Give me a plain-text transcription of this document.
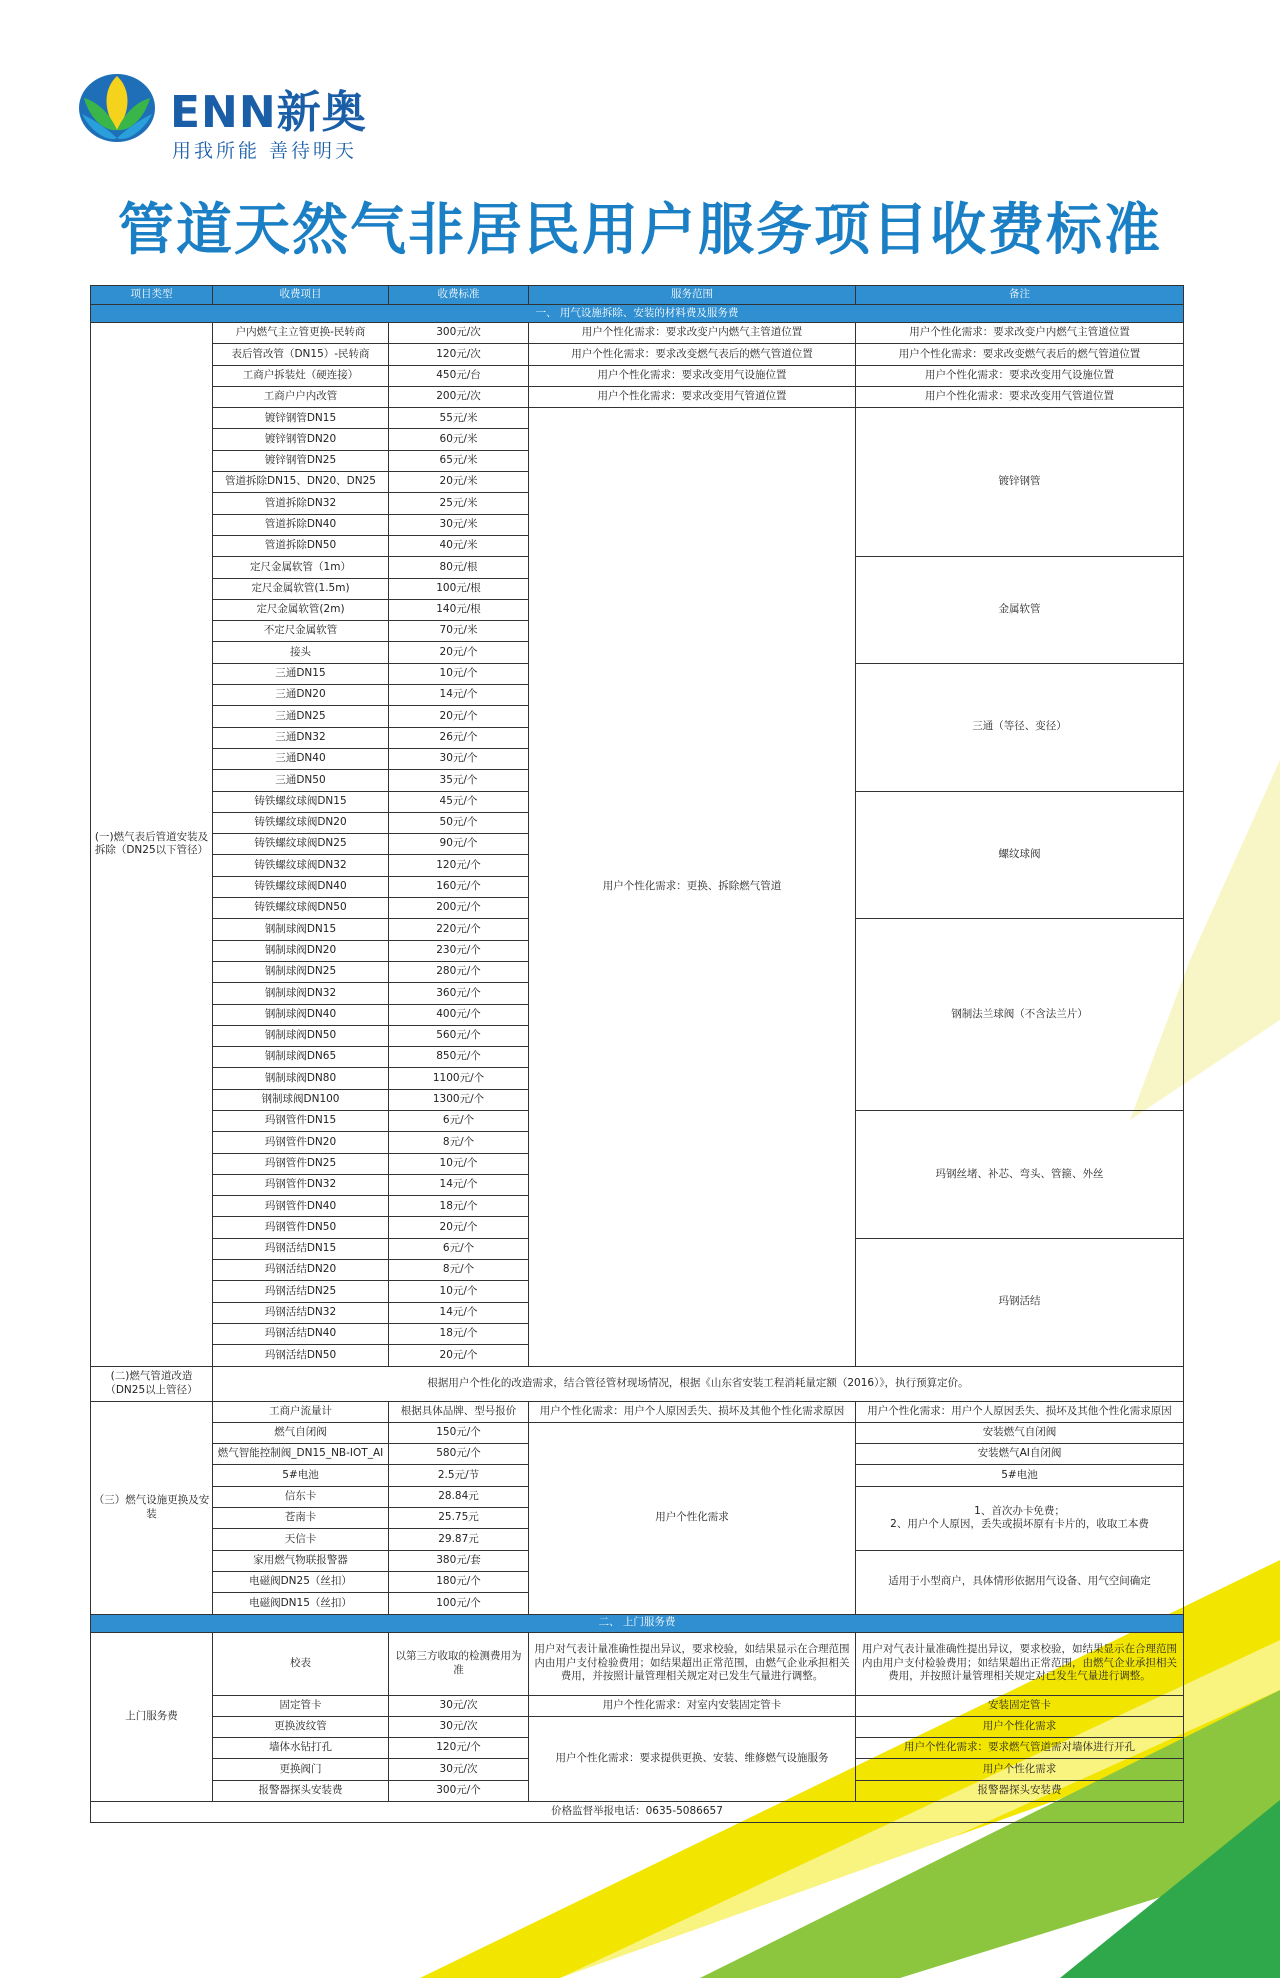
ENN新奥
用我所能 善待明天
管道天然气非居民用户服务项目收费标准
项目类型	收费项目	收费标准	服务范围	备注
一、 用气设施拆除、安装的材料费及服务费				
(一)燃气表后管道安装及拆除（DN25以下管径）	户内燃气主立管更换-民转商	300元/次	用户个性化需求：要求改变户内燃气主管道位置	用户个性化需求：要求改变户内燃气主管道位置
	表后管改管（DN15）-民转商	120元/次	用户个性化需求：要求改变燃气表后的燃气管道位置	用户个性化需求：要求改变燃气表后的燃气管道位置
	工商户拆装灶（硬连接）	450元/台	用户个性化需求：要求改变用气设施位置	用户个性化需求：要求改变用气设施位置
	工商户户内改管	200元/次	用户个性化需求：要求改变用气管道位置	用户个性化需求：要求改变用气管道位置
	镀锌钢管DN15	55元/米	用户个性化需求：更换、拆除燃气管道	镀锌钢管
	镀锌钢管DN20	60元/米		
	镀锌钢管DN25	65元/米		
	管道拆除DN15、DN20、DN25	20元/米		
	管道拆除DN32	25元/米		
	管道拆除DN40	30元/米		
	管道拆除DN50	40元/米		
	定尺金属软管（1m）	80元/根		金属软管
	定尺金属软管(1.5m)	100元/根		
	定尺金属软管(2m)	140元/根		
	不定尺金属软管	70元/米		
	接头	20元/个		
	三通DN15	10元/个		三通（等径、变径）
	三通DN20	14元/个		
	三通DN25	20元/个		
	三通DN32	26元/个		
	三通DN40	30元/个		
	三通DN50	35元/个		
	铸铁螺纹球阀DN15	45元/个		螺纹球阀
	铸铁螺纹球阀DN20	50元/个		
	铸铁螺纹球阀DN25	90元/个		
	铸铁螺纹球阀DN32	120元/个		
	铸铁螺纹球阀DN40	160元/个		
	铸铁螺纹球阀DN50	200元/个		
	钢制球阀DN15	220元/个		钢制法兰球阀（不含法兰片）
	钢制球阀DN20	230元/个		
	钢制球阀DN25	280元/个		
	钢制球阀DN32	360元/个		
	钢制球阀DN40	400元/个		
	钢制球阀DN50	560元/个		
	钢制球阀DN65	850元/个		
	钢制球阀DN80	1100元/个		
	钢制球阀DN100	1300元/个		
	玛钢管件DN15	6元/个		玛钢丝堵、补芯、弯头、管箍、外丝
	玛钢管件DN20	8元/个		
	玛钢管件DN25	10元/个		
	玛钢管件DN32	14元/个		
	玛钢管件DN40	18元/个		
	玛钢管件DN50	20元/个		
	玛钢活结DN15	6元/个		玛钢活结
	玛钢活结DN20	8元/个		
	玛钢活结DN25	10元/个		
	玛钢活结DN32	14元/个		
	玛钢活结DN40	18元/个		
	玛钢活结DN50	20元/个		
(二)燃气管道改造（DN25以上管径）	根据用户个性化的改造需求，结合管径管材现场情况，根据《山东省安装工程消耗量定额（2016）》，执行预算定价。			
（三）燃气设施更换及安装	工商户流量计	根据具体品牌、型号报价	用户个性化需求：用户个人原因丢失、损坏及其他个性化需求原因	用户个性化需求：用户个人原因丢失、损坏及其他个性化需求原因
	燃气自闭阀	150元/个	用户个性化需求	安装燃气自闭阀
	燃气智能控制阀_DN15_NB-IOT_AI	580元/个		安装燃气AI自闭阀
	5#电池	2.5元/节		5#电池
	信东卡	28.84元		1、首次办卡免费；
2、用户个人原因，丢失或损坏原有卡片的，收取工本费

	苍南卡	25.75元		
	天信卡	29.87元		
	家用燃气物联报警器	380元/套		适用于小型商户，具体情形依据用气设备、用气空间确定
	电磁阀DN25（丝扣）	180元/个		
	电磁阀DN15（丝扣）	100元/个		
二、 上门服务费				
上门服务费	校表	以第三方收取的检测费用为准	用户对气表计量准确性提出异议，要求校验，如结果显示在合理范围内由用户支付检验费用；如结果超出正常范围，由燃气企业承担相关费用，并按照计量管理相关规定对已发生气量进行调整。	用户对气表计量准确性提出异议，要求校验，如结果显示在合理范围内由用户支付检验费用；如结果超出正常范围，由燃气企业承担相关费用，并按照计量管理相关规定对已发生气量进行调整。
	固定管卡	30元/次	用户个性化需求：对室内安装固定管卡	安装固定管卡
	更换波纹管	30元/次	用户个性化需求：要求提供更换、安装、维修燃气设施服务	用户个性化需求
	墙体水钻打孔	120元/个		用户个性化需求：要求燃气管道需对墙体进行开孔
	更换阀门	30元/次		用户个性化需求
	报警器探头安装费	300元/个		报警器探头安装费
价格监督举报电话：0635-5086657				
